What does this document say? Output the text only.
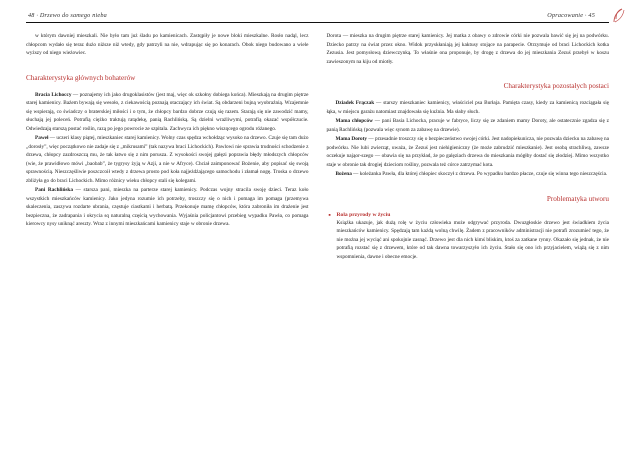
48 · Drzewo do samego nieba	Opracowanie · 45

w którym dawniej mieszkali. Nie było tam już śladu po kamienicach. Zastqpiły je nowe bloki mieszkalne. Rosło nadąl, lecz chłopcom wydało się teraz dużo niższe niż wtedy, gdy patrzyli na nie, wdrapując się po konarach. Obok niego budowano a wiele wyższy od niego wieżowiec.

Charakterystyka głównych bohaterów

Bracia Lichoccy — poznajemy ich jako drugoklasistów (jest maj, więc ok szkołny dobiega końca). Mieszkają na drugim piętrze starej kamienicy. Bażem bywają się wesoło, z ciekawością poznają otaczający ich świat. Są obdarzeni bujną wyobraźnią. Wzajemnie się wspierają, co świadczy o braterskiej miłości i o tym, że chłopcy bardzo dobrze czują się razem. Starają się nie zawodzić mamy, słuchają jej poleceń. Potrafią ciężko traktują ratądekę, panią Rachlińską. Są dzielni wrażliwymi, potrafią okazać współczucie. Odwiedzają starszą postać roślin, razą po jego powrocie ze szpitala. Zachwyca ich piękno wiszqcego ogrodu różanego.

Paweł — uczeri klasy piątej, mieszkaniec starej kamienicy. Wolny czas spędza wchołdząc wysoko na drzewo. Czuje się tam dużo „dorosły”, więc początkowo nie zadaje się z „mikrusami” (tak nazywa braci Lichockich). Pawlowi nie sprawia trudności schodzenie z drzewa, chłopcy zazdroszczą mu, że tak łatwo się z nim porusza. Z wysokości swojej gałęzi poprawia błędy młodszych chłopców (wie, że prawidłowo mówi „baobab”, że tygrysy żyją w Azji, a nie w Afryce). Chciał zaimponować Bożenie, aby popisać się swoją sprawnością. Nieszczęśliwie poszczcoił wtedy z drzewa prosto pod koła najjeżdżającego samochodu i złamał nogę. Troska o drzewo zbliżyła go do braci Lichockich. Mimo różnicy wieku chłopcy stali się kolegami.

Pani Rachlińska — starsza pani, mieszka na parterze starej kamienicy. Podczas wojny stracila swoję dzieci. Teraz koło wszystkich mieszkańców kamienicy. Jako jedyna rozumie ich potrzeby, troszczy się o nich i pomaga im pomaga (przemywa skaleczenia, zaszywa rozdarte ubrania, częstuje ciastkami i herbatą. Przekonuje mamę chłopców, która zabroniła im drażenie jest bezpieczna, że zadrapania i okrycia sq naturalną częścią wychowania. Wyjaśnia policjantowi przebieg wypadku Pawła, co pomaga kierowcy nysy uniknąć areszty. Wraz z innymi mieszkańcami kamienicy staje w obronie drzewa.

Dorota — mieszka na drugim piętrze starej kamienicy. Jej matka z obawy o zdrowie córki nie pozwala bawić się jej na podwórku. Dziecko patrzy na świat przez okno. Widok przyskłaniają jej kaktusy stojące na parapecie. Otrzymuje od braci Lichockich kotka Zezusia. Jest pomysłową dziewczynką. To właśnie ona proponuje, by drogę z drzewa do jej mieszkania Zezuś przebył w koszu zawieszonym na kiju od miotły.

Charakterystyka pozostałych postaci

Dziadek Frączak — starszy mieszkaniec kamienicy, właściciel psa Burłaja. Pamięta czasy, kiedy za kamienicą rozciągała się łąka, w miejscu garażu natomiast znajdowała się kuźnia. Ma słaby słuch.

Mama chłopców — pani Basia Lichocka, pracuje w fabryce, liczy się ze zdaniem mamy Doroty, ale ostatecznie zgadza się z panią Rachlińską (pozwala więc synom za zabawę na drzewie).

Mama Doroty — przesadnie troszczy się o bezpieczeństwo swojej córki. Jest nadopiekunicza, nie pozwala dziecku na zabawę na podwórku. Nie lubi zwierząt, uważa, że Zezuś jest niehigieniczny (że może zabrudzić mieszkanie). Jest osobą strachliwą, zawsze oczekuje nająor-szego — obawia się na przykład, że po galęziach drzewa do mieszkania mógłby dostać się złodziej. Mimo wszystko staje w obronie tak drogiej dzieciom rośliny, pozwala też córce zatrzymać kota.

Bożena — koleżanka Pawła, dla której chłopiec skoczył z drzewa. Po wypadku bardzo płacze, czuje się winna tego nieszczęścia.

Problematyka utworu
■ Rola przyrody w życiu

Książka ukazuje, jak dużą rolę w życiu człowieka może odgrywać przyroda. Dwuzgłoskie drzewo jest świadkiem życia mieszkańców kamienicy. Spędzają tam każdą wolną chwilę. Żadem z pracowników administracji nie potrafi zrozumieć tego, że nie można jej wyciąć ani spokojnie zasnąć. Drzewo jest dla nich kimś bliskim, ktoś za zatkane rynny. Okazało się jednak, że nie potrafią rozstać się z drzewem, które od tak dawna towarzyszyło ich życiu. Stało się ono ich przyjacielem, wiążą się z nim wspomnienia, dawne i obecne emocje.
